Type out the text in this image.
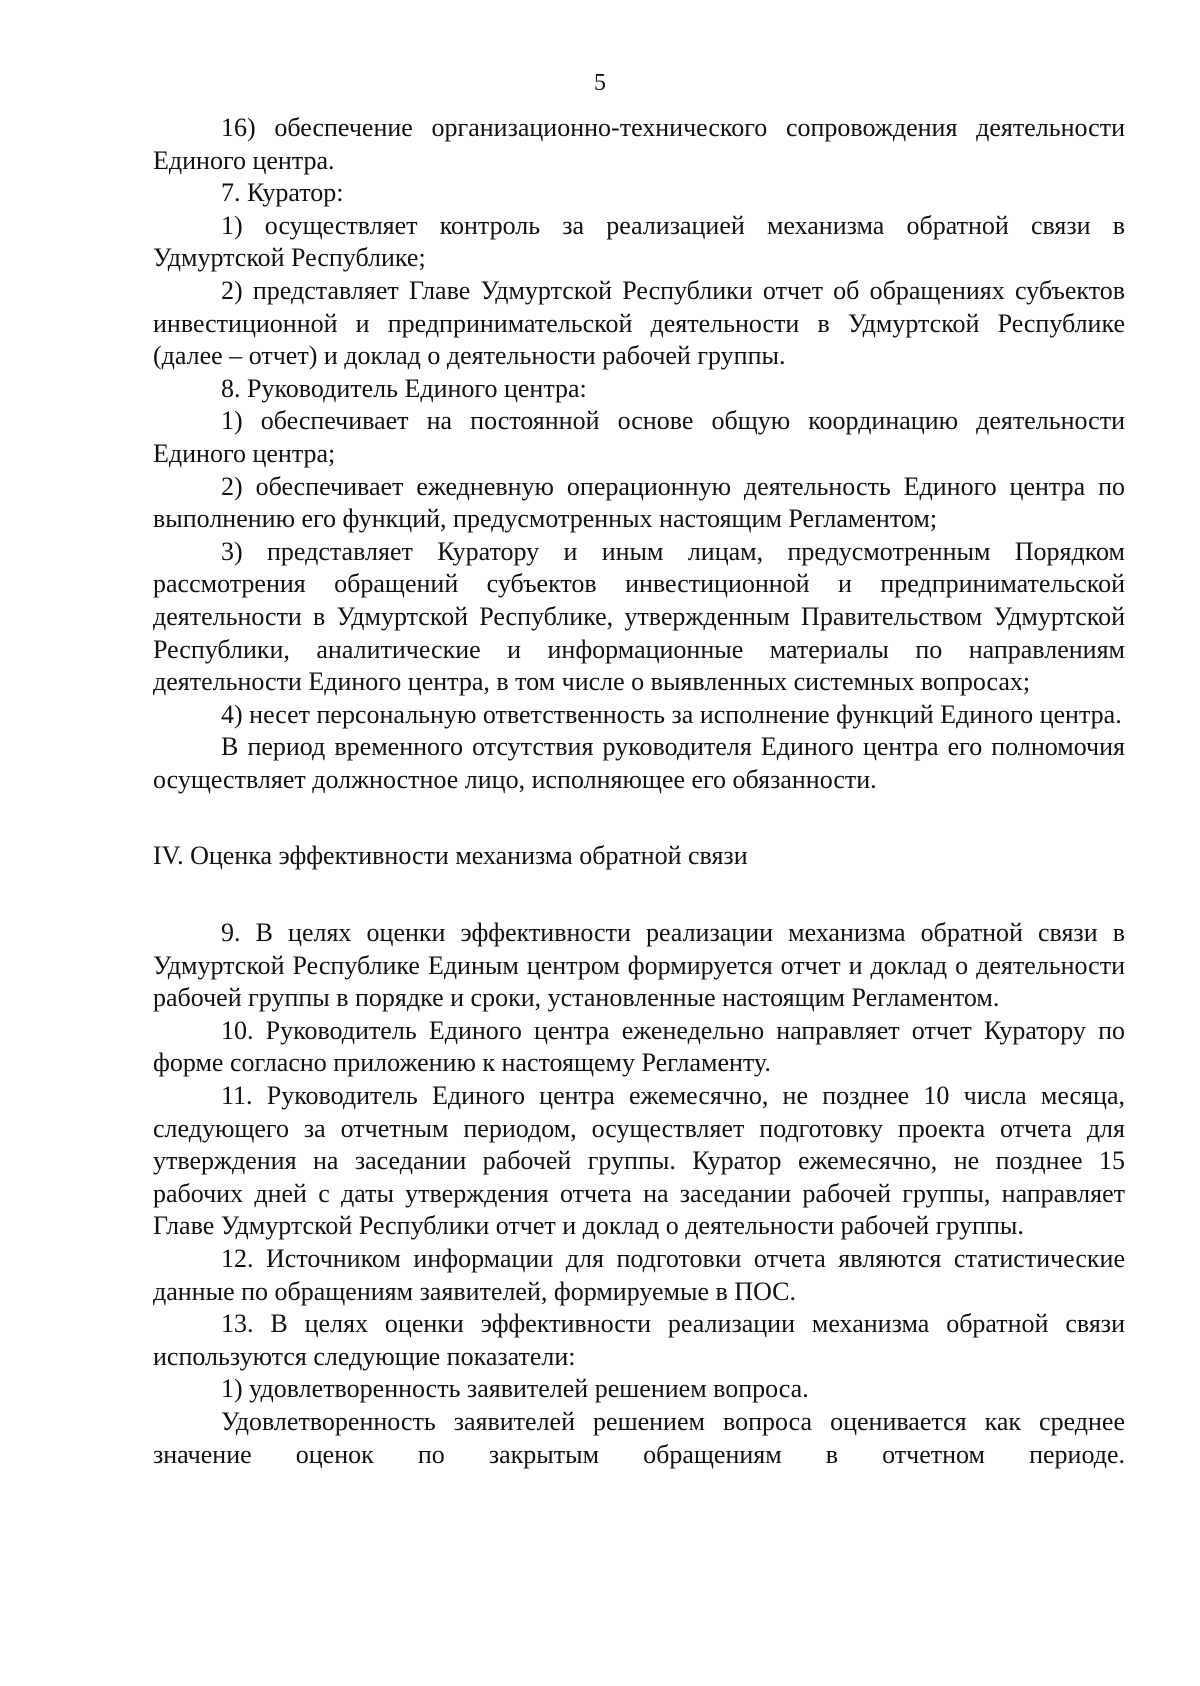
5

16) обеспечение организационно-технического сопровождения деятельности Единого центра.

7. Куратор:

1) осуществляет контроль за реализацией механизма обратной связи в Удмуртской Республике;

2) представляет Главе Удмуртской Республики отчет об обращениях субъектов инвестиционной и предпринимательской деятельности в Удмуртской Республике (далее – отчет) и доклад о деятельности рабочей группы.

8. Руководитель Единого центра:

1) обеспечивает на постоянной основе общую координацию деятельности Единого центра;

2) обеспечивает ежедневную операционную деятельность Единого центра по выполнению его функций, предусмотренных настоящим Регламентом;

3) представляет Куратору и иным лицам, предусмотренным Порядком рассмотрения обращений субъектов инвестиционной и предпринимательской деятельности в Удмуртской Республике, утвержденным Правительством Удмуртской Республики, аналитические и информационные материалы по направлениям деятельности Единого центра, в том числе о выявленных системных вопросах;

4) несет персональную ответственность за исполнение функций Единого центра.

В период временного отсутствия руководителя Единого центра его полномочия осуществляет должностное лицо, исполняющее его обязанности.

IV. Оценка эффективности механизма обратной связи

9. В целях оценки эффективности реализации механизма обратной связи в Удмуртской Республике Единым центром формируется отчет и доклад о деятельности рабочей группы в порядке и сроки, установленные настоящим Регламентом.

10. Руководитель Единого центра еженедельно направляет отчет Куратору по форме согласно приложению к настоящему Регламенту.

11. Руководитель Единого центра ежемесячно, не позднее 10 числа месяца, следующего за отчетным периодом, осуществляет подготовку проекта отчета для утверждения на заседании рабочей группы. Куратор ежемесячно, не позднее 15 рабочих дней с даты утверждения отчета на заседании рабочей группы, направляет Главе Удмуртской Республики отчет и доклад о деятельности рабочей группы.

12. Источником информации для подготовки отчета являются статистические данные по обращениям заявителей, формируемые в ПОС.

13. В целях оценки эффективности реализации механизма обратной связи используются следующие показатели:

1) удовлетворенность заявителей решением вопроса.

Удовлетворенность заявителей решением вопроса оценивается как среднее значение оценок по закрытым обращениям в отчетном периоде.
